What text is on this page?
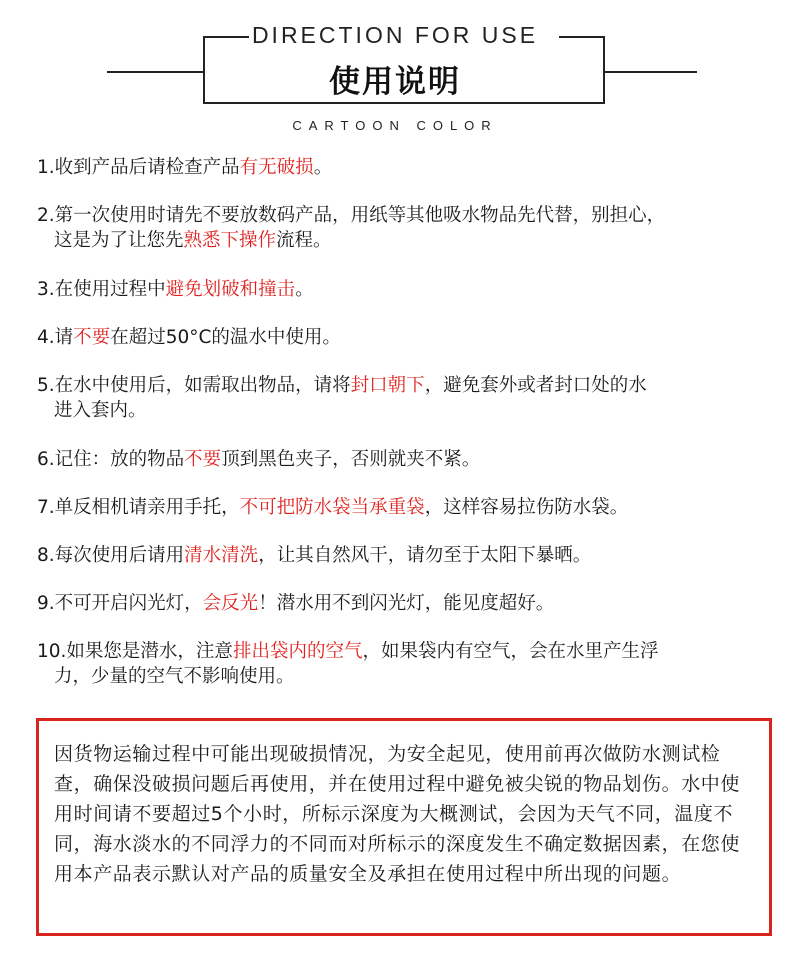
DIRECTION FOR USE
使用说明
CARTOON COLOR
1.收到产品后请检查产品有无破损。
2.第一次使用时请先不要放数码产品，用纸等其他吸水物品先代替，别担心，
这是为了让您先熟悉下操作流程。
3.在使用过程中避免划破和撞击。
4.请不要在超过50°C的温水中使用。
5.在水中使用后，如需取出物品，请将封口朝下，避免套外或者封口处的水
进入套内。
6.记住：放的物品不要顶到黑色夹子，否则就夹不紧。
7.单反相机请亲用手托，不可把防水袋当承重袋，这样容易拉伤防水袋。
8.每次使用后请用清水清洗，让其自然风干，请勿至于太阳下暴晒。
9.不可开启闪光灯，会反光！潜水用不到闪光灯，能见度超好。
10.如果您是潜水，注意排出袋内的空气，如果袋内有空气，会在水里产生浮
力，少量的空气不影响使用。

因货物运输过程中可能出现破损情况，为安全起见，使用前再次做防水测试检查，确保没破损问题后再使用，并在使用过程中避免被尖锐的物品划伤。水中使用时间请不要超过5个小时，所标示深度为大概测试，会因为天气不同，温度不同，海水淡水的不同浮力的不同而对所标示的深度发生不确定数据因素，在您使用本产品表示默认对产品的质量安全及承担在使用过程中所出现的问题。
